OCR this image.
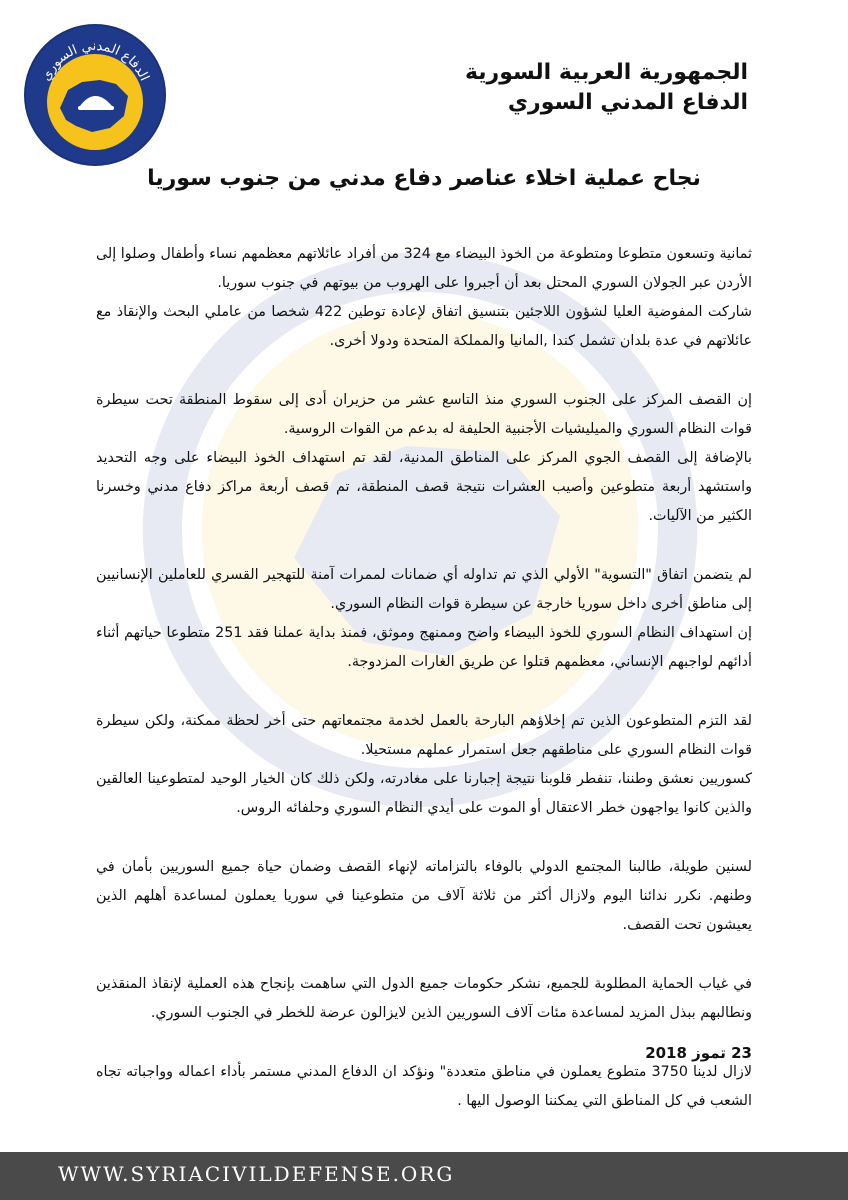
الدفاع المدني السوري	الجمهورية العربية السورية
الدفاع المدني السوري
نجاح عملية اخلاء عناصر دفاع مدني من جنوب سوريا

ثمانية وتسعون متطوعا ومتطوعة من الخوذ البيضاء مع 324 من أفراد عائلاتهم معظمهم نساء وأطفال وصلوا إلى الأردن عبر الجولان السوري المحتل بعد أن أجبروا على الهروب من بيوتهم في جنوب سوريا.

شاركت المفوضية العليا لشؤون اللاجئين بتنسيق اتفاق لإعادة توطين 422 شخصا من عاملي البحث والإنقاذ مع عائلاتهم في عدة بلدان تشمل كندا ,المانيا والمملكة المتحدة ودولا أخرى.

إن القصف المركز على الجنوب السوري منذ التاسع عشر من حزيران أدى إلى سقوط المنطقة تحت سيطرة قوات النظام السوري والميليشيات الأجنبية الحليفة له بدعم من القوات الروسية.

بالإضافة إلى القصف الجوي المركز على المناطق المدنية، لقد تم استهداف الخوذ البيضاء على وجه التحديد واستشهد أربعة متطوعين وأصيب العشرات نتيجة قصف المنطقة، تم قصف أربعة مراكز دفاع مدني وخسرنا الكثير من الآليات.

لم يتضمن اتفاق "التسوية" الأولي الذي تم تداوله أي ضمانات لممرات آمنة للتهجير القسري للعاملين الإنسانيين إلى مناطق أخرى داخل سوريا خارجة عن سيطرة قوات النظام السوري.

إن استهداف النظام السوري للخوذ البيضاء واضح وممنهج وموثق، فمنذ بداية عملنا فقد 251 متطوعا حياتهم أثناء أدائهم لواجبهم الإنساني، معظمهم قتلوا عن طريق الغارات المزدوجة.

لقد التزم المتطوعون الذين تم إخلاؤهم البارحة بالعمل لخدمة مجتمعاتهم حتى أخر لحظة ممكنة، ولكن سيطرة قوات النظام السوري على مناطقهم جعل استمرار عملهم مستحيلا.

كسوريين نعشق وطننا، تنفطر قلوبنا نتيجة إجبارنا على مغادرته، ولكن ذلك كان الخيار الوحيد لمتطوعينا العالقين والذين كانوا يواجهون خطر الاعتقال أو الموت على أيدي النظام السوري وحلفائه الروس.

لسنين طويلة، طالبنا المجتمع الدولي بالوفاء بالتزاماته لإنهاء القصف وضمان حياة جميع السوريين بأمان في وطنهم. نكرر ندائنا اليوم ولازال أكثر من ثلاثة آلاف من متطوعينا في سوريا يعملون لمساعدة أهلهم الذين يعيشون تحت القصف.

في غياب الحماية المطلوبة للجميع، نشكر حكومات جميع الدول التي ساهمت بإنجاح هذه العملية لإنقاذ المنقذين ونطالبهم ببذل المزيد لمساعدة مئات آلاف السوريين الذين لايزالون عرضة للخطر في الجنوب السوري.

لازال لدينا 3750 متطوع يعملون في مناطق متعددة" ونؤكد ان الدفاع المدني مستمر بأداء اعماله وواجباته تجاه الشعب في كل المناطق التي يمكننا الوصول اليها .

23 تموز 2018
WWW.SYRIACIVILDEFENSE.ORG
